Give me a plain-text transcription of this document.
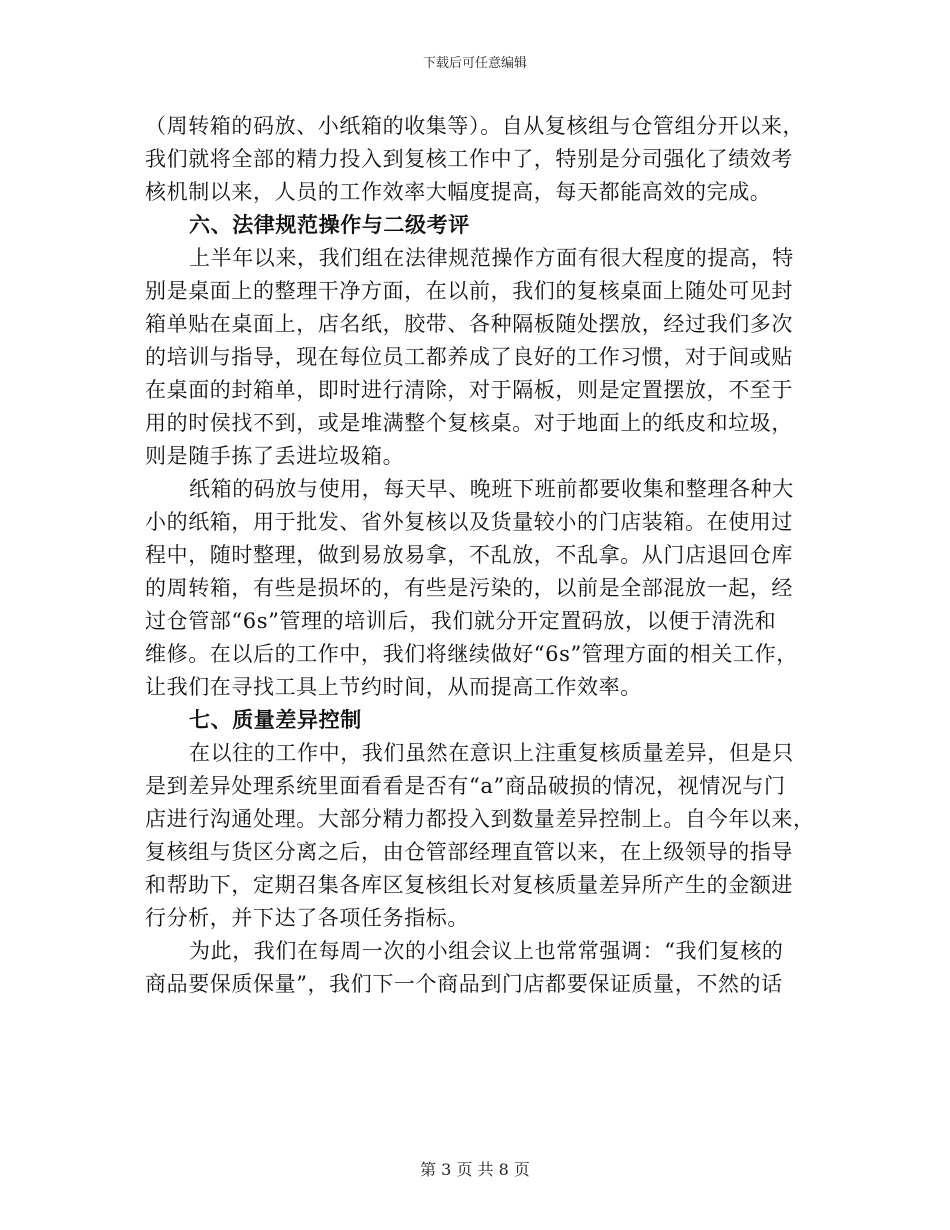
下载后可任意编辑
（周转箱的码放、小纸箱的收集等）。自从复核组与仓管组分开以来，
我们就将全部的精力投入到复核工作中了，特别是分司强化了绩效考
核机制以来，人员的工作效率大幅度提高，每天都能高效的完成。
六、法律规范操作与二级考评
上半年以来，我们组在法律规范操作方面有很大程度的提高，特
别是桌面上的整理干净方面，在以前，我们的复核桌面上随处可见封
箱单贴在桌面上，店名纸，胶带、各种隔板随处摆放，经过我们多次
的培训与指导，现在每位员工都养成了良好的工作习惯，对于间或贴
在桌面的封箱单，即时进行清除，对于隔板，则是定置摆放，不至于
用的时侯找不到，或是堆满整个复核桌。对于地面上的纸皮和垃圾，
则是随手拣了丢进垃圾箱。
纸箱的码放与使用，每天早、晚班下班前都要收集和整理各种大
小的纸箱，用于批发、省外复核以及货量较小的门店装箱。在使用过
程中，随时整理，做到易放易拿，不乱放，不乱拿。从门店退回仓库
的周转箱，有些是损坏的，有些是污染的，以前是全部混放一起，经
过仓管部“6s”管理的培训后，我们就分开定置码放，以便于清洗和
维修。在以后的工作中，我们将继续做好“6s”管理方面的相关工作，
让我们在寻找工具上节约时间，从而提高工作效率。
七、质量差异控制
在以往的工作中，我们虽然在意识上注重复核质量差异，但是只
是到差异处理系统里面看看是否有“a”商品破损的情况，视情况与门
店进行沟通处理。大部分精力都投入到数量差异控制上。自今年以来，
复核组与货区分离之后，由仓管部经理直管以来，在上级领导的指导
和帮助下，定期召集各库区复核组长对复核质量差异所产生的金额进
行分析，并下达了各项任务指标。
为此，我们在每周一次的小组会议上也常常强调：“我们复核的
商品要保质保量”，我们下一个商品到门店都要保证质量，不然的话
第 3 页 共 8 页
